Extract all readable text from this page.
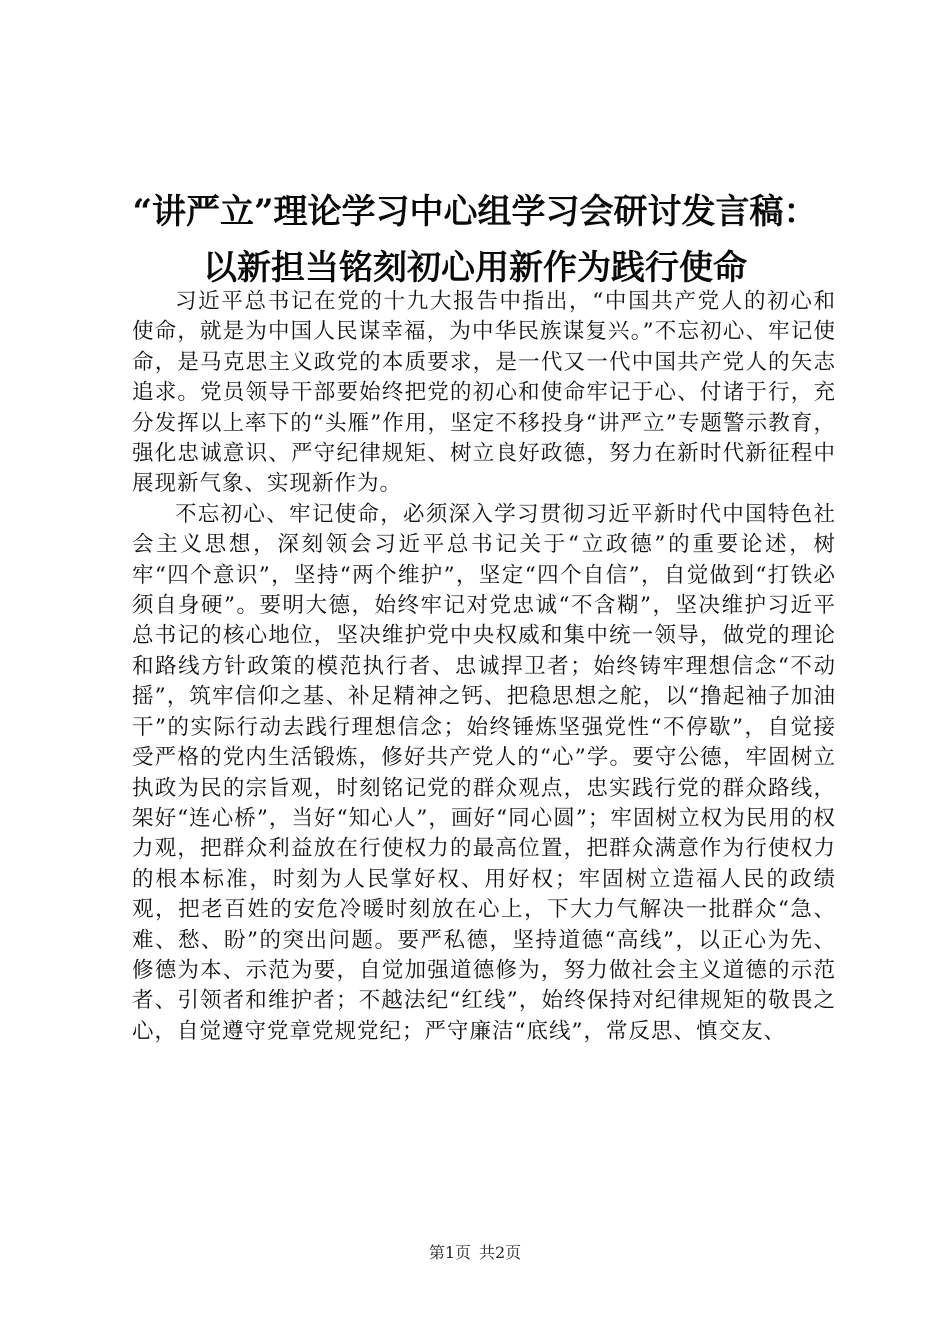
“讲严立”理论学习中心组学习会研讨发言稿：
以新担当铭刻初心用新作为践行使命

习近平总书记在党的十九大报告中指出，“中国共产党人的初心和使命，就是为中国人民谋幸福，为中华民族谋复兴。”不忘初心、牢记使命，是马克思主义政党的本质要求，是一代又一代中国共产党人的矢志追求。党员领导干部要始终把党的初心和使命牢记于心、付诸于行，充分发挥以上率下的“头雁”作用，坚定不移投身“讲严立”专题警示教育，强化忠诚意识、严守纪律规矩、树立良好政德，努力在新时代新征程中展现新气象、实现新作为。

不忘初心、牢记使命，必须深入学习贯彻习近平新时代中国特色社会主义思想，深刻领会习近平总书记关于“立政德”的重要论述，树牢“四个意识”，坚持“两个维护”，坚定“四个自信”，自觉做到“打铁必须自身硬”。要明大德，始终牢记对党忠诚“不含糊”，坚决维护习近平总书记的核心地位，坚决维护党中央权威和集中统一领导，做党的理论和路线方针政策的模范执行者、忠诚捍卫者；始终铸牢理想信念“不动摇”，筑牢信仰之基、补足精神之钙、把稳思想之舵，以“撸起袖子加油干”的实际行动去践行理想信念；始终锤炼坚强党性“不停歇”，自觉接受严格的党内生活锻炼，修好共产党人的“心”学。要守公德，牢固树立执政为民的宗旨观，时刻铭记党的群众观点，忠实践行党的群众路线，架好“连心桥”，当好“知心人”，画好“同心圆”；牢固树立权为民用的权力观，把群众利益放在行使权力的最高位置，把群众满意作为行使权力的根本标准，时刻为人民掌好权、用好权；牢固树立造福人民的政绩观，把老百姓的安危冷暖时刻放在心上，下大力气解决一批群众“急、难、愁、盼”的突出问题。要严私德，坚持道德“高线”，以正心为先、修德为本、示范为要，自觉加强道德修为，努力做社会主义道德的示范者、引领者和维护者；不越法纪“红线”，始终保持对纪律规矩的敬畏之心，自觉遵守党章党规党纪；严守廉洁“底线”，常反思、慎交友、

第1页 共2页
